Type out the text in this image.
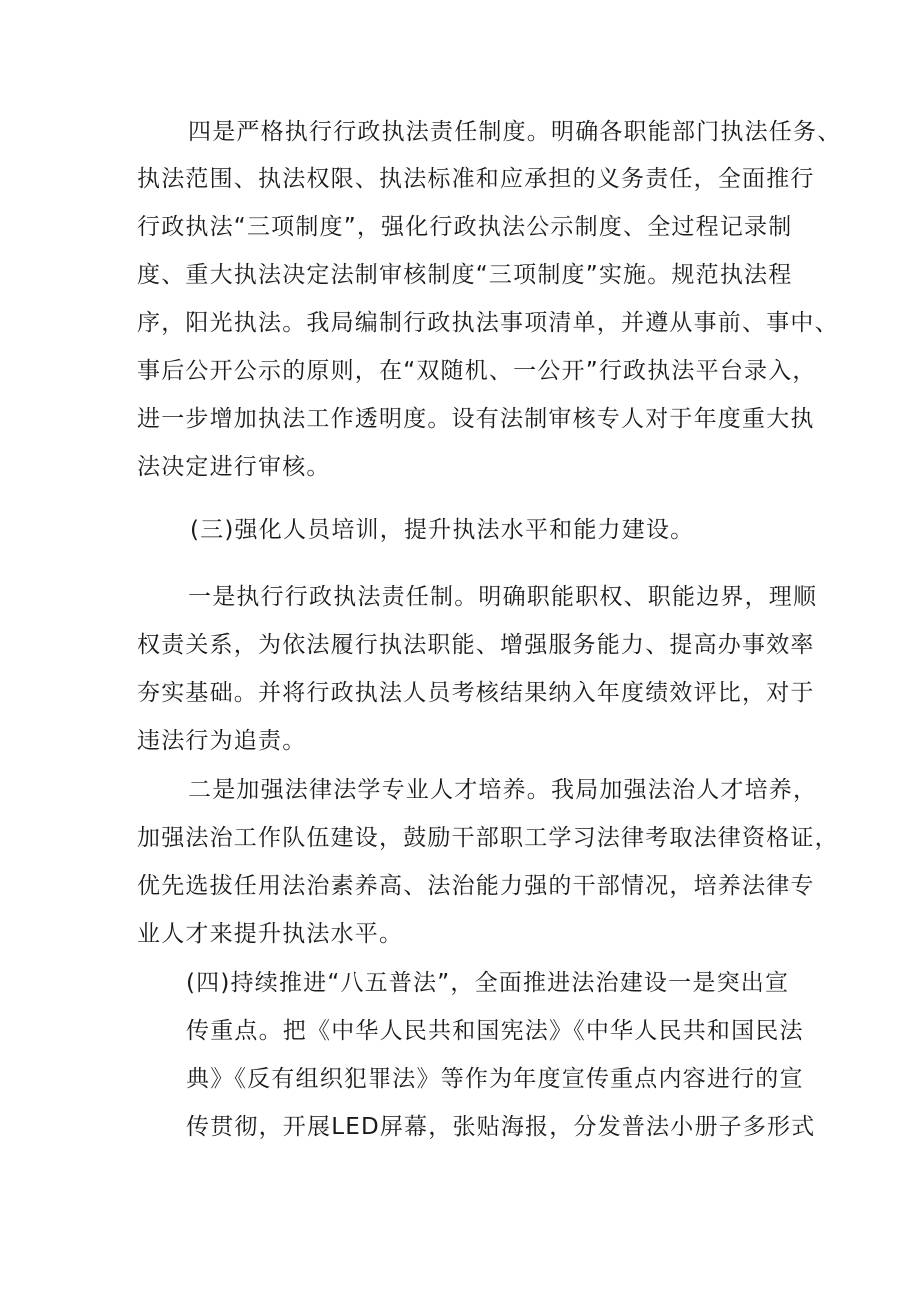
四是严格执行行政执法责任制度。明确各职能部门执法任务、
执法范围、执法权限、执法标准和应承担的义务责任，全面推行
行政执法“三项制度”，强化行政执法公示制度、全过程记录制
度、重大执法决定法制审核制度“三项制度”实施。规范执法程
序，阳光执法。我局编制行政执法事项清单，并遵从事前、事中、
事后公开公示的原则，在“双随机、一公开”行政执法平台录入，
进一步增加执法工作透明度。设有法制审核专人对于年度重大执
法决定进行审核。
(三)强化人员培训，提升执法水平和能力建设。
一是执行行政执法责任制。明确职能职权、职能边界，理顺
权责关系，为依法履行执法职能、增强服务能力、提高办事效率
夯实基础。并将行政执法人员考核结果纳入年度绩效评比，对于
违法行为追责。
二是加强法律法学专业人才培养。我局加强法治人才培养，
加强法治工作队伍建设，鼓励干部职工学习法律考取法律资格证，
优先选拔任用法治素养高、法治能力强的干部情况，培养法律专
业人才来提升执法水平。
(四)持续推进“八五普法”，全面推进法治建设一是突出宣
传重点。把《中华人民共和国宪法》《中华人民共和国民法
典》《反有组织犯罪法》等作为年度宣传重点内容进行的宣
传贯彻，开展LED屏幕，张贴海报，分发普法小册子多形式
